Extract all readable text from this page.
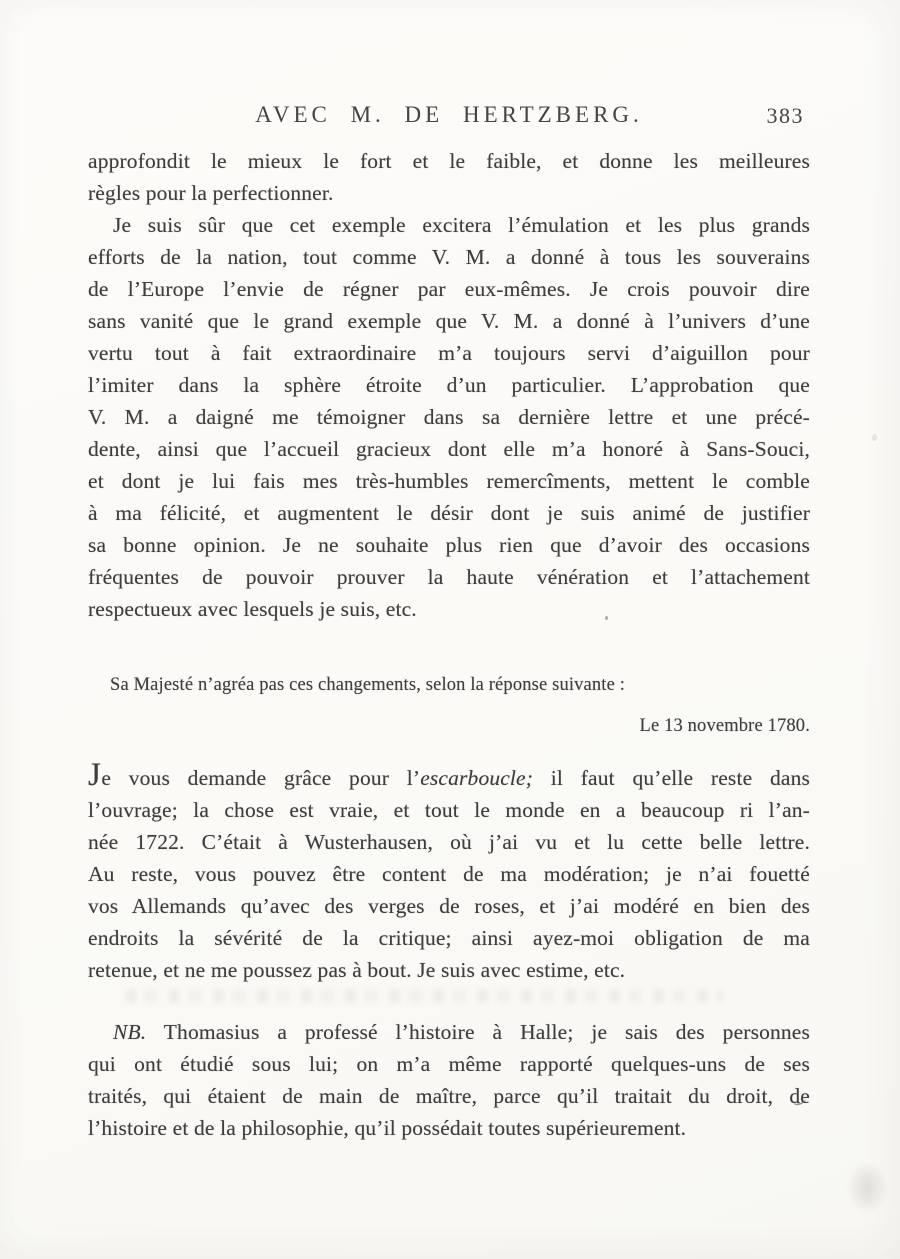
AVEC M. DE HERTZBERG.	383
approfondit le mieux le fort et le faible, et donne les meilleures
règles pour la perfectionner.
Je suis sûr que cet exemple excitera l’émulation et les plus grands
efforts de la nation, tout comme V. M. a donné à tous les souverains
de l’Europe l’envie de régner par eux-mêmes. Je crois pouvoir dire
sans vanité que le grand exemple que V. M. a donné à l’univers d’une
vertu tout à fait extraordinaire m’a toujours servi d’aiguillon pour
l’imiter dans la sphère étroite d’un particulier. L’approbation que
V. M. a daigné me témoigner dans sa dernière lettre et une précé-
dente, ainsi que l’accueil gracieux dont elle m’a honoré à Sans-Souci,
et dont je lui fais mes très-humbles remercîments, mettent le comble
à ma félicité, et augmentent le désir dont je suis animé de justifier
sa bonne opinion. Je ne souhaite plus rien que d’avoir des occasions
fréquentes de pouvoir prouver la haute vénération et l’attachement
respectueux avec lesquels je suis, etc.
Sa Majesté n’agréa pas ces changements, selon la réponse suivante :
Le 13 novembre 1780.
Je vous demande grâce pour l’escarboucle; il faut qu’elle reste dans
l’ouvrage; la chose est vraie, et tout le monde en a beaucoup ri l’an-
née 1722. C’était à Wusterhausen, où j’ai vu et lu cette belle lettre.
Au reste, vous pouvez être content de ma modération; je n’ai fouetté
vos Allemands qu’avec des verges de roses, et j’ai modéré en bien des
endroits la sévérité de la critique; ainsi ayez-moi obligation de ma
retenue, et ne me poussez pas à bout. Je suis avec estime, etc.
NB. Thomasius a professé l’histoire à Halle; je sais des personnes
qui ont étudié sous lui; on m’a même rapporté quelques-uns de ses
traités, qui étaient de main de maître, parce qu’il traitait du droit, de
l’histoire et de la philosophie, qu’il possédait toutes supérieurement.
